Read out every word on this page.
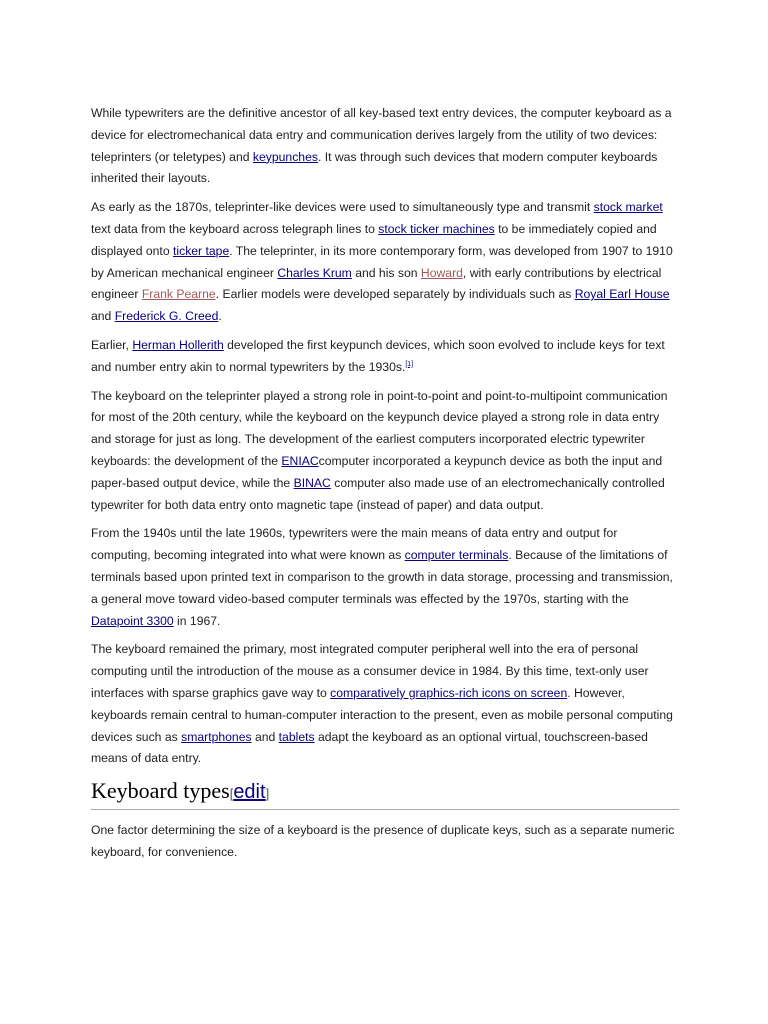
While typewriters are the definitive ancestor of all key-based text entry devices, the computer keyboard as a device for electromechanical data entry and communication derives largely from the utility of two devices: teleprinters (or teletypes) and keypunches. It was through such devices that modern computer keyboards inherited their layouts.

As early as the 1870s, teleprinter-like devices were used to simultaneously type and transmit stock market text data from the keyboard across telegraph lines to stock ticker machines to be immediately copied and displayed onto ticker tape. The teleprinter, in its more contemporary form, was developed from 1907 to 1910 by American mechanical engineer Charles Krum and his son Howard, with early contributions by electrical engineer Frank Pearne. Earlier models were developed separately by individuals such as Royal Earl House and Frederick G. Creed.

Earlier, Herman Hollerith developed the first keypunch devices, which soon evolved to include keys for text and number entry akin to normal typewriters by the 1930s.[1]

The keyboard on the teleprinter played a strong role in point-to-point and point-to-multipoint communication for most of the 20th century, while the keyboard on the keypunch device played a strong role in data entry and storage for just as long. The development of the earliest computers incorporated electric typewriter keyboards: the development of the ENIACcomputer incorporated a keypunch device as both the input and paper-based output device, while the BINAC computer also made use of an electromechanically controlled typewriter for both data entry onto magnetic tape (instead of paper) and data output.

From the 1940s until the late 1960s, typewriters were the main means of data entry and output for computing, becoming integrated into what were known as computer terminals. Because of the limitations of terminals based upon printed text in comparison to the growth in data storage, processing and transmission, a general move toward video-based computer terminals was effected by the 1970s, starting with the Datapoint 3300 in 1967.

The keyboard remained the primary, most integrated computer peripheral well into the era of personal computing until the introduction of the mouse as a consumer device in 1984. By this time, text-only user interfaces with sparse graphics gave way to comparatively graphics-rich icons on screen. However, keyboards remain central to human-computer interaction to the present, even as mobile personal computing devices such as smartphones and tablets adapt the keyboard as an optional virtual, touchscreen-based means of data entry.

Keyboard types[edit]

One factor determining the size of a keyboard is the presence of duplicate keys, such as a separate numeric keyboard, for convenience.
